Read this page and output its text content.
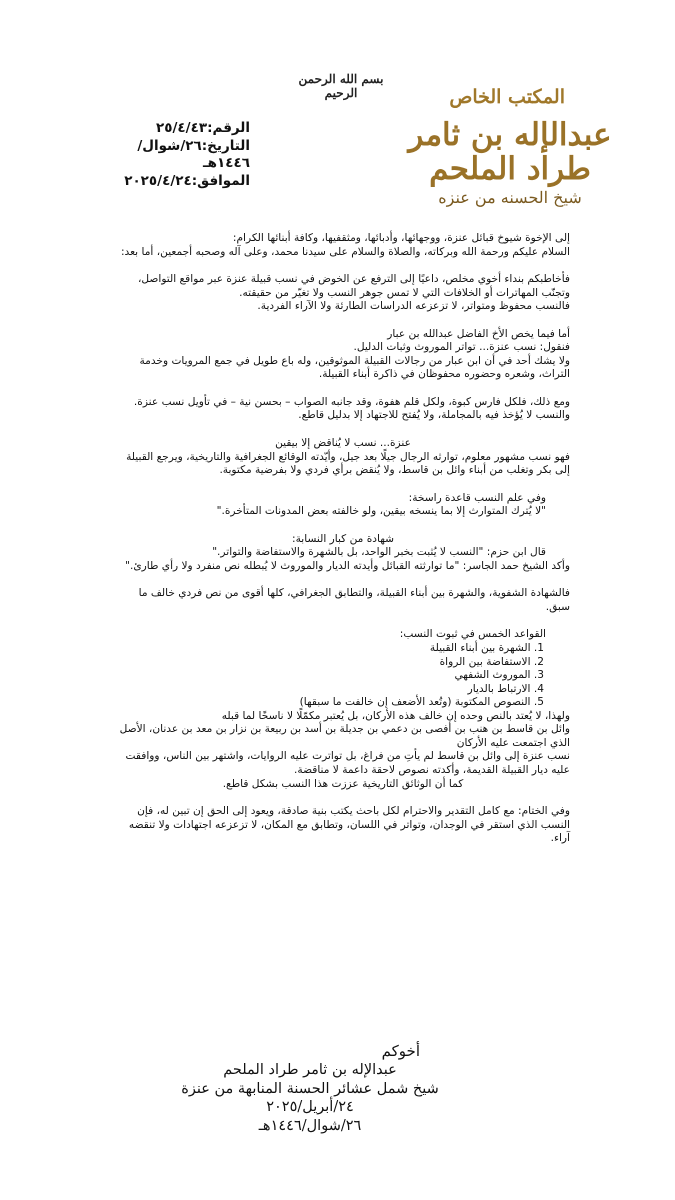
المكتب الخاص
عبدالإله بن ثامر طراد الملحم
شيخ الحسنه من عنزه
بسم الله الرحمن الرحيم
الرقم:٢٥/٤/٤٣
التاريخ:٢٦/شوال/١٤٤٦هـ
الموافق:٢٠٢٥/٤/٢٤

إلى الإخوة شيوخ قبائل عنزة، ووجهائها، وأدبائها، ومثقفيها، وكافة أبنائها الكرام:

السلام عليكم ورحمة الله وبركاته، والصلاة والسلام على سيدنا محمد، وعلى آله وصحبه أجمعين، أما بعد:

فأخاطبكم بنداء أخوي مخلص، داعيًا إلى الترفع عن الخوض في نسب قبيلة عنزة عبر مواقع التواصل، وتجنّب المهاترات أو الخلافات التي لا تمس جوهر النسب ولا تغيّر من حقيقته.

فالنسب محفوظ ومتواتر، لا تزعزعه الدراسات الطارئة ولا الآراء الفردية.

أما فيما يخص الأخ الفاضل عبدالله بن عبار

فنقول: نسب عنزة... تواتر الموروث وثبات الدليل.

ولا يشك أحد في أن ابن عبار من رجالات القبيلة الموثوقين، وله باع طويل في جمع المرويات وخدمة التراث، وشعره وحضوره محفوظان في ذاكرة أبناء القبيلة.

ومع ذلك، فلكل فارس كبوة، ولكل قلم هفوة، وقد جانبه الصواب – بحسن نية – في تأويل نسب عنزة. والنسب لا يُؤخذ فيه بالمجاملة، ولا يُفتح للاجتهاد إلا بدليل قاطع.

عنزة... نسب لا يُناقض إلا بيقين

فهو نسب مشهور معلوم، توارثه الرجال جيلًا بعد جيل، وأيّدته الوقائع الجغرافية والتاريخية، ويرجع القبيلة إلى بكر وتغلب من أبناء وائل بن قاسط، ولا يُنقض برأي فردي ولا بفرضية مكتوبة.

وفي علم النسب قاعدة راسخة:

"لا يُترك المتوارث إلا بما ينسخه بيقين، ولو خالفته بعض المدونات المتأخرة."

شهادة من كبار النسابة:

قال ابن حزم: "النسب لا يُثبت بخبر الواحد، بل بالشهرة والاستفاضة والتواتر."

وأكد الشيخ حمد الجاسر: "ما توارثته القبائل وأيدته الديار والموروث لا يُبطله نص منفرد ولا رأي طارئ."

فالشهادة الشفوية، والشهرة بين أبناء القبيلة، والتطابق الجغرافي، كلها أقوى من نص فردي خالف ما سبق.

القواعد الخمس في ثبوت النسب:

1. الشهرة بين أبناء القبيلة

2. الاستفاضة بين الرواة

3. الموروث الشفهي

4. الارتباط بالديار

5. النصوص المكتوبة (وتُعد الأضعف إن خالفت ما سبقها)

ولهذا، لا يُعتد بالنص وحده إن خالف هذه الأركان، بل يُعتبر مكمّلًا لا ناسخًا لما قبله

وائل بن قاسط بن هنب بن أفصى بن دعمي بن جديلة بن أسد بن ربيعة بن نزار بن معد بن عدنان، الأصل الذي اجتمعت عليه الأركان

نسب عنزة إلى وائل بن قاسط لم يأتِ من فراغ، بل تواترت عليه الروايات، واشتهر بين الناس، ووافقت عليه ديار القبيلة القديمة، وأكدته نصوص لاحقة داعمة لا مناقضة.

كما أن الوثائق التاريخية عززت هذا النسب بشكل قاطع.

وفي الختام: مع كامل التقدير والاحترام لكل باحث يكتب بنية صادقة، ويعود إلى الحق إن تبين له، فإن النسب الذي استقر في الوجدان، وتواتر في اللسان، وتطابق مع المكان، لا تزعزعه اجتهادات ولا تنقضه آراء.

أخوكم
عبدالإله بن ثامر طراد الملحم
شيخ شمل عشائر الحسنة المنابهة من عنزة
٢٤/أبريل/٢٠٢٥
٢٦/شوال/١٤٤٦هـ
